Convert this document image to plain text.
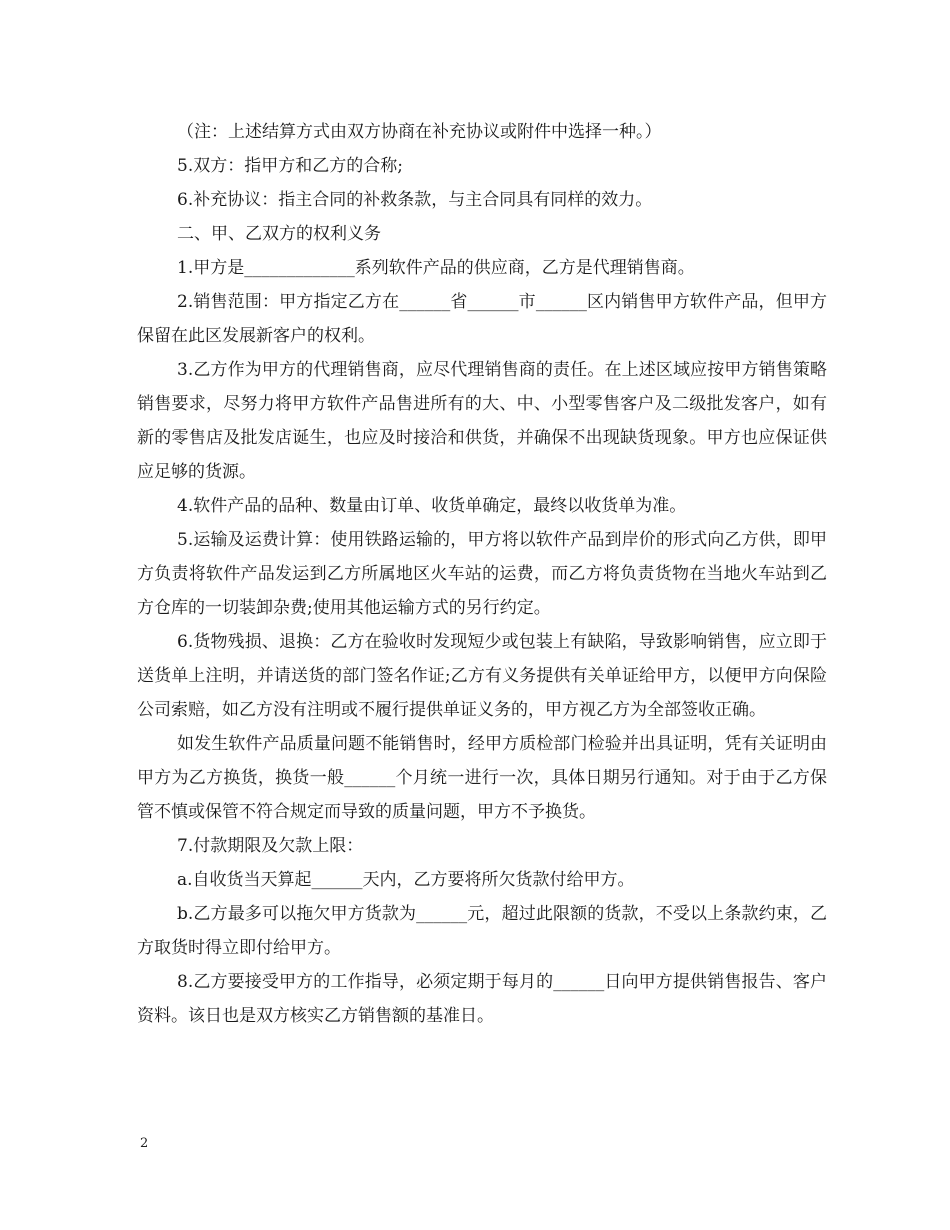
（注：上述结算方式由双方协商在补充协议或附件中选择一种。）

5.双方：指甲方和乙方的合称;

6.补充协议：指主合同的补救条款，与主合同具有同样的效力。

二、甲、乙双方的权利义务

1.甲方是_____________系列软件产品的供应商，乙方是代理销售商。

2.销售范围：甲方指定乙方在______省______市______区内销售甲方软件产品，但甲方保留在此区发展新客户的权利。

3.乙方作为甲方的代理销售商，应尽代理销售商的责任。在上述区域应按甲方销售策略销售要求，尽努力将甲方软件产品售进所有的大、中、小型零售客户及二级批发客户，如有新的零售店及批发店诞生，也应及时接洽和供货，并确保不出现缺货现象。甲方也应保证供应足够的货源。

4.软件产品的品种、数量由订单、收货单确定，最终以收货单为准。

5.运输及运费计算：使用铁路运输的，甲方将以软件产品到岸价的形式向乙方供，即甲方负责将软件产品发运到乙方所属地区火车站的运费，而乙方将负责货物在当地火车站到乙方仓库的一切装卸杂费;使用其他运输方式的另行约定。

6.货物残损、退换：乙方在验收时发现短少或包装上有缺陷，导致影响销售，应立即于送货单上注明，并请送货的部门签名作证;乙方有义务提供有关单证给甲方，以便甲方向保险公司索赔，如乙方没有注明或不履行提供单证义务的，甲方视乙方为全部签收正确。

如发生软件产品质量问题不能销售时，经甲方质检部门检验并出具证明，凭有关证明由甲方为乙方换货，换货一般______个月统一进行一次，具体日期另行通知。对于由于乙方保管不慎或保管不符合规定而导致的质量问题，甲方不予换货。

7.付款期限及欠款上限：

a.自收货当天算起______天内，乙方要将所欠货款付给甲方。

b.乙方最多可以拖欠甲方货款为______元，超过此限额的货款，不受以上条款约束，乙方取货时得立即付给甲方。

8.乙方要接受甲方的工作指导，必须定期于每月的______日向甲方提供销售报告、客户资料。该日也是双方核实乙方销售额的基准日。

2
